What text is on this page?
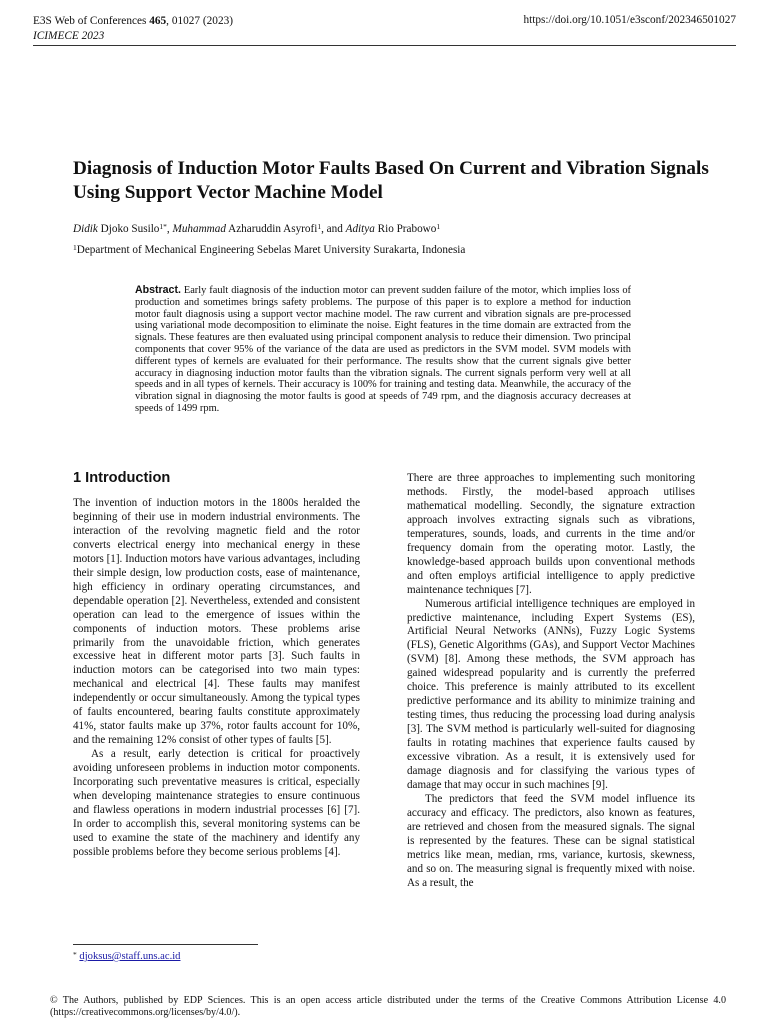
E3S Web of Conferences 465, 01027 (2023)
ICIMECE 2023
https://doi.org/10.1051/e3sconf/202346501027
Diagnosis of Induction Motor Faults Based On Current and Vibration Signals Using Support Vector Machine Model
Didik Djoko Susilo$^{1*}$, Muhammad Azharuddin Asyrofi$^1$, and Aditya Rio Prabowo$^1$
$^1$Department of Mechanical Engineering Sebelas Maret University Surakarta, Indonesia
Abstract. Early fault diagnosis of the induction motor can prevent sudden failure of the motor, which implies loss of production and sometimes brings safety problems. The purpose of this paper is to explore a method for induction motor fault diagnosis using a support vector machine model. The raw current and vibration signals are pre-processed using variational mode decomposition to eliminate the noise. Eight features in the time domain are extracted from the signals. These features are then evaluated using principal component analysis to reduce their dimension. Two principal components that cover 95% of the variance of the data are used as predictors in the SVM model. SVM models with different types of kernels are evaluated for their performance. The results show that the current signals give better accuracy in diagnosing induction motor faults than the vibration signals. The current signals perform very well at all speeds and in all types of kernels. Their accuracy is 100% for training and testing data. Meanwhile, the accuracy of the vibration signal in diagnosing the motor faults is good at speeds of 749 rpm, and the diagnosis accuracy decreases at speeds of 1499 rpm.
1 Introduction

The invention of induction motors in the 1800s heralded the beginning of their use in modern industrial environments. The interaction of the revolving magnetic field and the rotor converts electrical energy into mechanical energy in these motors [1]. Induction motors have various advantages, including their simple design, low production costs, ease of maintenance, high efficiency in ordinary operating circumstances, and dependable operation [2]. Nevertheless, extended and consistent operation can lead to the emergence of issues within the components of induction motors. These problems arise primarily from the unavoidable friction, which generates excessive heat in different motor parts [3]. Such faults in induction motors can be categorised into two main types: mechanical and electrical [4]. These faults may manifest independently or occur simultaneously. Among the typical types of faults encountered, bearing faults constitute approximately 41%, stator faults make up 37%, rotor faults account for 10%, and the remaining 12% consist of other types of faults [5].

As a result, early detection is critical for proactively avoiding unforeseen problems in induction motor components. Incorporating such preventative measures is critical, especially when developing maintenance strategies to ensure continuous and flawless operations in modern industrial processes [6] [7]. In order to accomplish this, several monitoring systems can be used to examine the state of the machinery and identify any possible problems before they become serious problems [4].

There are three approaches to implementing such monitoring methods. Firstly, the model-based approach utilises mathematical modelling. Secondly, the signature extraction approach involves extracting signals such as vibrations, temperatures, sounds, loads, and currents in the time and/or frequency domain from the operating motor. Lastly, the knowledge-based approach builds upon conventional methods and often employs artificial intelligence to apply predictive maintenance techniques [7].

Numerous artificial intelligence techniques are employed in predictive maintenance, including Expert Systems (ES), Artificial Neural Networks (ANNs), Fuzzy Logic Systems (FLS), Genetic Algorithms (GAs), and Support Vector Machines (SVM) [8]. Among these methods, the SVM approach has gained widespread popularity and is currently the preferred choice. This preference is mainly attributed to its excellent predictive performance and its ability to minimize training and testing times, thus reducing the processing load during analysis [3]. The SVM method is particularly well-suited for diagnosing faults in rotating machines that experience faults caused by excessive vibration. As a result, it is extensively used for damage diagnosis and for classifying the various types of damage that may occur in such machines [9].

The predictors that feed the SVM model influence its accuracy and efficacy. The predictors, also known as features, are retrieved and chosen from the measured signals. The signal is represented by the features. These can be signal statistical metrics like mean, median, rms, variance, kurtosis, skewness, and so on. The measuring signal is frequently mixed with noise. As a result, the

* djoksus@staff.uns.ac.id
© The Authors, published by EDP Sciences. This is an open access article distributed under the terms of the Creative Commons Attribution License 4.0 (https://creativecommons.org/licenses/by/4.0/).
